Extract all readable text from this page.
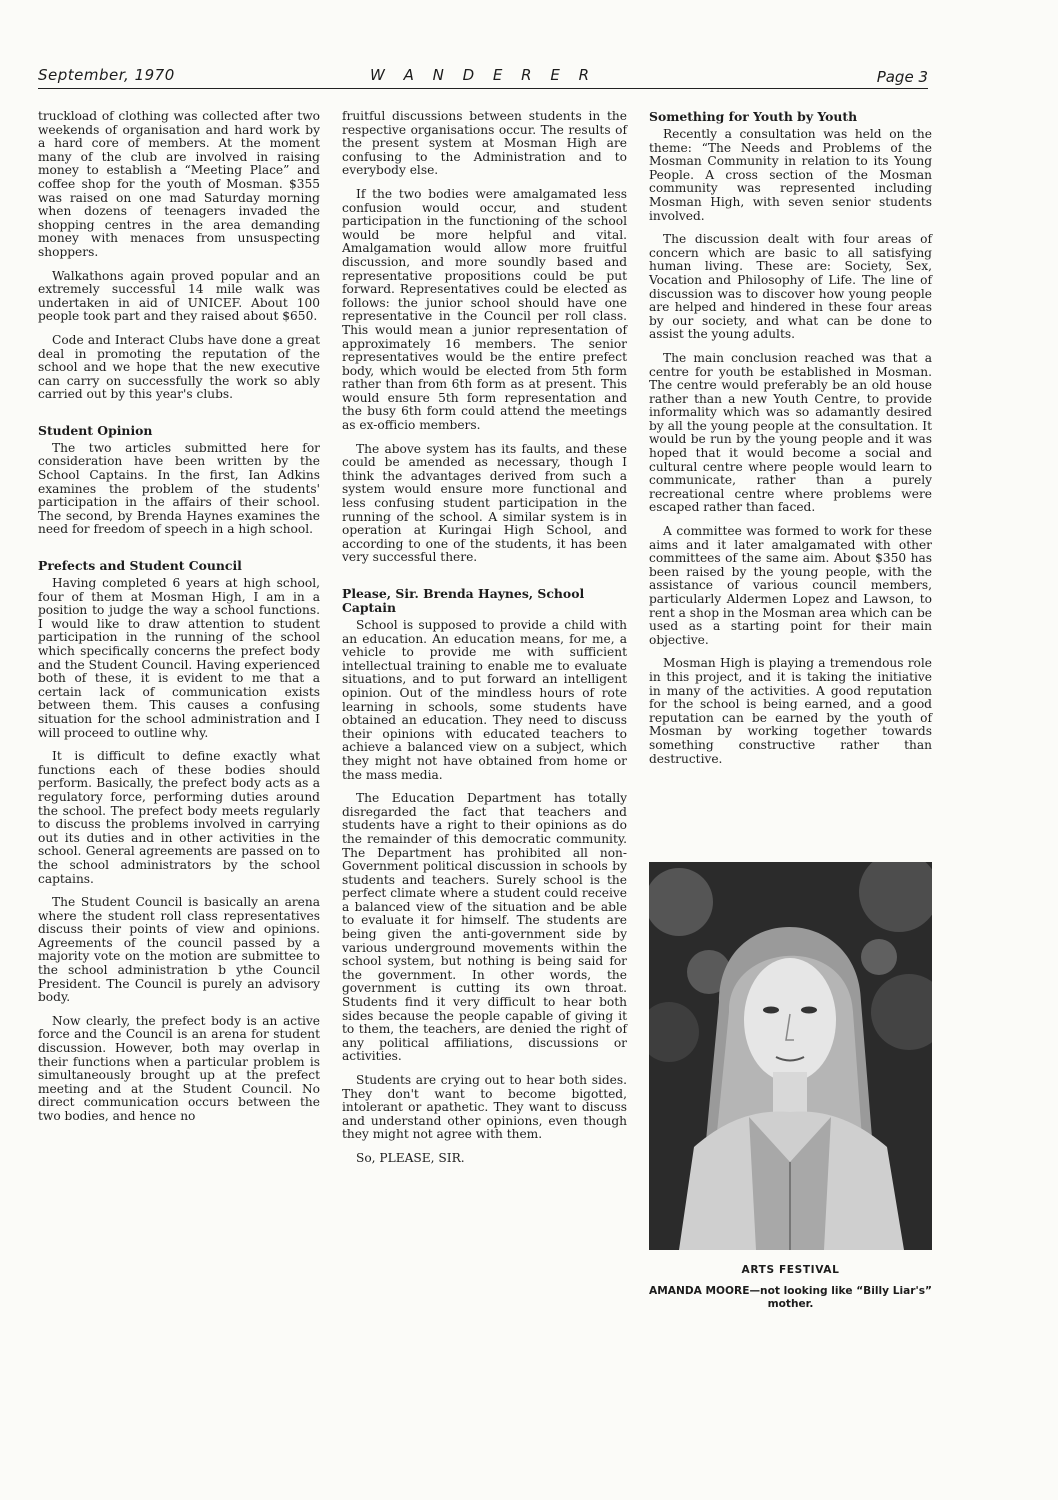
September, 1970	W A N D E R E R	Page 3

truckload of clothing was collected after two weekends of organisation and hard work by a hard core of members. At the moment many of the club are involved in raising money to establish a “Meeting Place” and coffee shop for the youth of Mosman. $355 was raised on one mad Saturday morning when dozens of teenagers invaded the shopping centres in the area demanding money with menaces from unsuspecting shoppers.

Walkathons again proved popular and an extremely successful 14 mile walk was undertaken in aid of UNICEF. About 100 people took part and they raised about $650.

Code and Interact Clubs have done a great deal in promoting the reputation of the school and we hope that the new executive can carry on successfully the work so ably carried out by this year's clubs.

Student Opinion

The two articles submitted here for consideration have been written by the School Captains. In the first, Ian Adkins examines the problem of the students' participation in the affairs of their school. The second, by Brenda Haynes examines the need for freedom of speech in a high school.

Prefects and Student Council

Having completed 6 years at high school, four of them at Mosman High, I am in a position to judge the way a school functions. I would like to draw attention to student participation in the running of the school which specifically concerns the prefect body and the Student Council. Having experienced both of these, it is evident to me that a certain lack of communication exists between them. This causes a confusing situation for the school administration and I will proceed to outline why.

It is difficult to define exactly what functions each of these bodies should perform. Basically, the prefect body acts as a regulatory force, performing duties around the school. The prefect body meets regularly to discuss the problems involved in carrying out its duties and in other activities in the school. General agreements are passed on to the school administrators by the school captains.

The Student Council is basically an arena where the student roll class representatives discuss their points of view and opinions. Agreements of the council passed by a majority vote on the motion are submittee to the school administration b ythe Council President. The Council is purely an advisory body.

Now clearly, the prefect body is an active force and the Council is an arena for student discussion. However, both may overlap in their functions when a particular problem is simultaneously brought up at the prefect meeting and at the Student Council. No direct communication occurs between the two bodies, and hence no

fruitful discussions between students in the respective organisations occur. The results of the present system at Mosman High are confusing to the Administration and to everybody else.

If the two bodies were amalgamated less confusion would occur, and student participation in the functioning of the school would be more helpful and vital. Amalgamation would allow more fruitful discussion, and more soundly based and representative propositions could be put forward. Representatives could be elected as follows: the junior school should have one representative in the Council per roll class. This would mean a junior representation of approximately 16 members. The senior representatives would be the entire prefect body, which would be elected from 5th form rather than from 6th form as at present. This would ensure 5th form representation and the busy 6th form could attend the meetings as ex-officio members.

The above system has its faults, and these could be amended as necessary, though I think the advantages derived from such a system would ensure more functional and less confusing student participation in the running of the school. A similar system is in operation at Kuringai High School, and according to one of the students, it has been very successful there.

Please, Sir. Brenda Haynes, School Captain

School is supposed to provide a child with an education. An education means, for me, a vehicle to provide me with sufficient intellectual training to enable me to evaluate situations, and to put forward an intelligent opinion. Out of the mindless hours of rote learning in schools, some students have obtained an education. They need to discuss their opinions with educated teachers to achieve a balanced view on a subject, which they might not have obtained from home or the mass media.

The Education Department has totally disregarded the fact that teachers and students have a right to their opinions as do the remainder of this democratic community. The Department has prohibited all non-Government political discussion in schools by students and teachers. Surely school is the perfect climate where a student could receive a balanced view of the situation and be able to evaluate it for himself. The students are being given the anti-government side by various underground movements within the school system, but nothing is being said for the government. In other words, the government is cutting its own throat. Students find it very difficult to hear both sides because the people capable of giving it to them, the teachers, are denied the right of any political affiliations, discussions or activities.

Students are crying out to hear both sides. They don't want to become bigotted, intolerant or apathetic. They want to discuss and understand other opinions, even though they might not agree with them.

So, PLEASE, SIR.

Something for Youth by Youth

Recently a consultation was held on the theme: “The Needs and Problems of the Mosman Community in relation to its Young People. A cross section of the Mosman community was represented including Mosman High, with seven senior students involved.

The discussion dealt with four areas of concern which are basic to all satisfying human living. These are: Society, Sex, Vocation and Philosophy of Life. The line of discussion was to discover how young people are helped and hindered in these four areas by our society, and what can be done to assist the young adults.

The main conclusion reached was that a centre for youth be established in Mosman. The centre would preferably be an old house rather than a new Youth Centre, to provide informality which was so adamantly desired by all the young people at the consultation. It would be run by the young people and it was hoped that it would become a social and cultural centre where people would learn to communicate, rather than a purely recreational centre where problems were escaped rather than faced.

A committee was formed to work for these aims and it later amalgamated with other committees of the same aim. About $350 has been raised by the young people, with the assistance of various council members, particularly Aldermen Lopez and Lawson, to rent a shop in the Mosman area which can be used as a starting point for their main objective.

Mosman High is playing a tremendous role in this project, and it is taking the initiative in many of the activities. A good reputation for the school is being earned, and a good reputation can be earned by the youth of Mosman by working together towards something constructive rather than destructive.

ARTS FESTIVAL
AMANDA MOORE—not looking like “Billy Liar's” mother.
